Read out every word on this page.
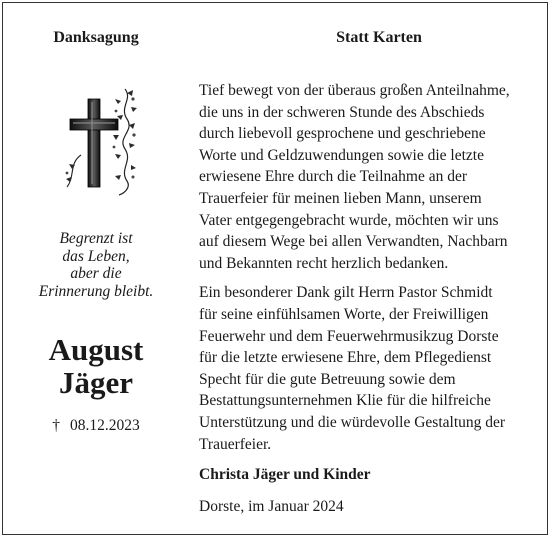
Danksagung	Statt Karten
Begrenzt ist
das Leben,
aber die
Erinnerung bleibt.
August
Jäger
† 08.12.2023

Tief bewegt von der überaus großen Anteilnahme,
die uns in der schweren Stunde des Abschieds
durch liebevoll gesprochene und geschriebene
Worte und Geldzuwendungen sowie die letzte
erwiesene Ehre durch die Teilnahme an der
Trauerfeier für meinen lieben Mann, unserem
Vater entgegengebracht wurde, möchten wir uns
auf diesem Wege bei allen Verwandten, Nachbarn
und Bekannten recht herzlich bedanken.

Ein besonderer Dank gilt Herrn Pastor Schmidt
für seine einfühlsamen Worte, der Freiwilligen
Feuerwehr und dem Feuerwehrmusikzug Dorste
für die letzte erwiesene Ehre, dem Pflegedienst
Specht für die gute Betreuung sowie dem
Bestattungsunternehmen Klie für die hilfreiche
Unterstützung und die würdevolle Gestaltung der
Trauerfeier.

Christa Jäger und Kinder
Dorste, im Januar 2024
